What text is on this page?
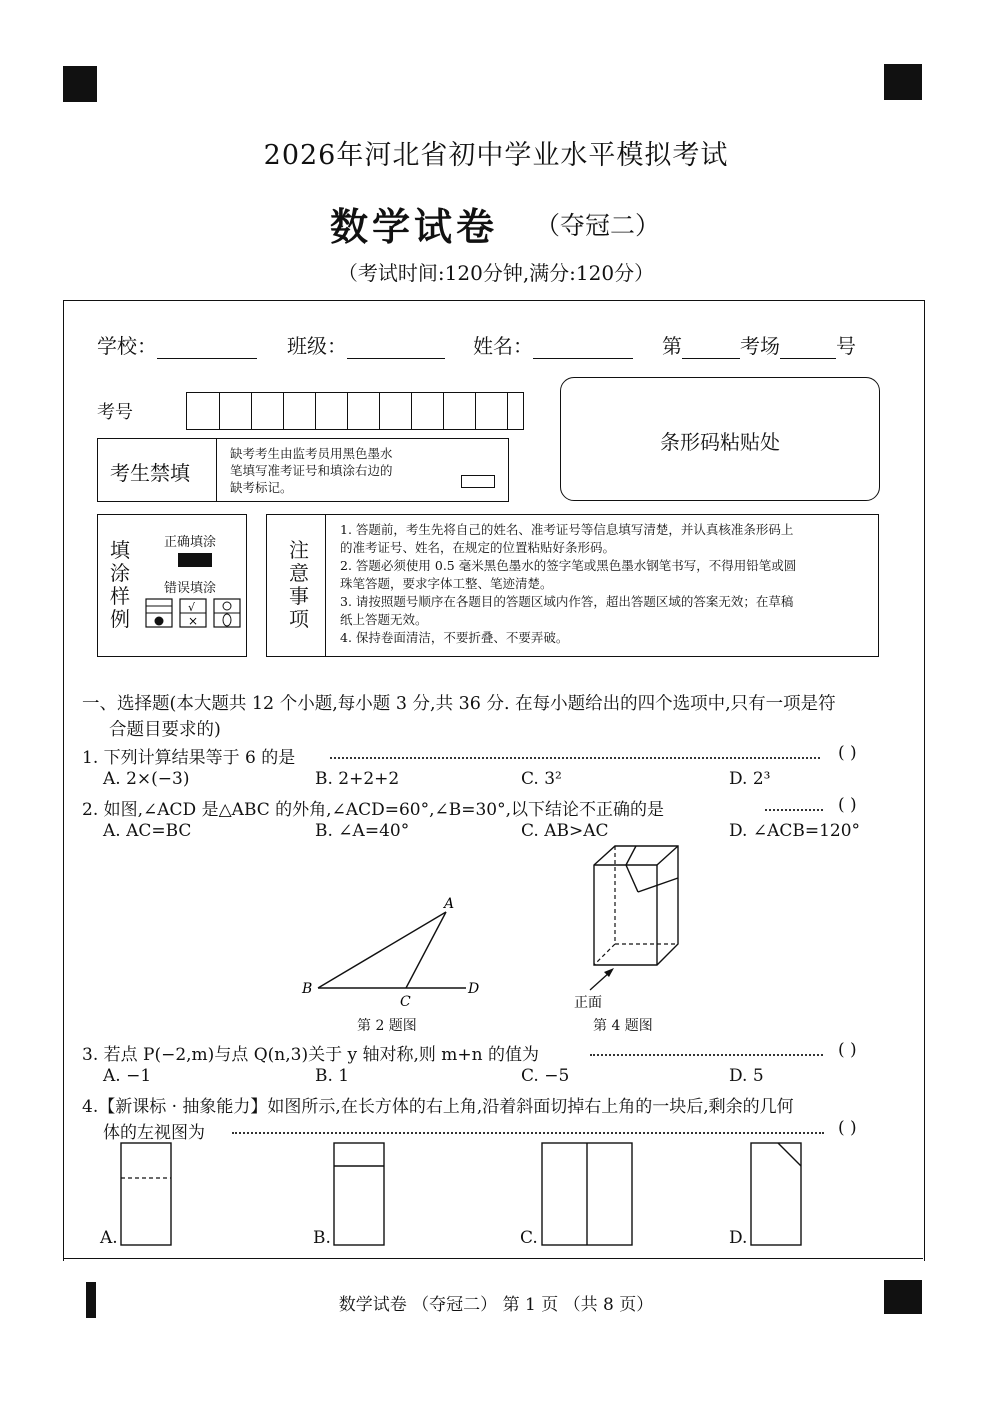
2026年河北省初中学业水平模拟考试
数学试卷 （夺冠二）
（考试时间:120分钟,满分:120分）
学校：	班级：	姓名：	第	考场	号
考号
考生禁填
缺考考生由监考员用黑色墨水
笔填写准考证号和填涂右边的
缺考标记。
条形码粘贴处
填
涂
样
例
正确填涂
错误填涂
√
×
注
意
事
项
1. 答题前，考生先将自己的姓名、准考证号等信息填写清楚，并认真核准条形码上
的准考证号、姓名，在规定的位置粘贴好条形码。
2. 答题必须使用 0.5 毫米黑色墨水的签字笔或黑色墨水钢笔书写，不得用铅笔或圆
珠笔答题，要求字体工整、笔迹清楚。
3. 请按照题号顺序在各题目的答题区域内作答，超出答题区域的答案无效；在草稿
纸上答题无效。
4. 保持卷面清洁，不要折叠、不要弄破。
一、选择题(本大题共 12 个小题,每小题 3 分,共 36 分. 在每小题给出的四个选项中,只有一项是符
合题目要求的)
1. 下列计算结果等于 6 的是	( )
A. 2×(−3)	B. 2+2+2	C. 3²	D. 2³
2. 如图,∠ACD 是△ABC 的外角,∠ACD=60°,∠B=30°,以下结论不正确的是	( )
A. AC=BC	B. ∠A=40°	C. AB>AC	D. ∠ACB=120°
A
B
C
D
第 2 题图
正面
第 4 题图
3. 若点 P(−2,m)与点 Q(n,3)关于 y 轴对称,则 m+n 的值为	( )
A. −1	B. 1	C. −5	D. 5
4.【新课标 · 抽象能力】如图所示,在长方体的右上角,沿着斜面切掉右上角的一块后,剩余的几何
体的左视图为	( )
A.	B.	C.	D.
数学试卷 （夺冠二） 第 1 页 （共 8 页）
